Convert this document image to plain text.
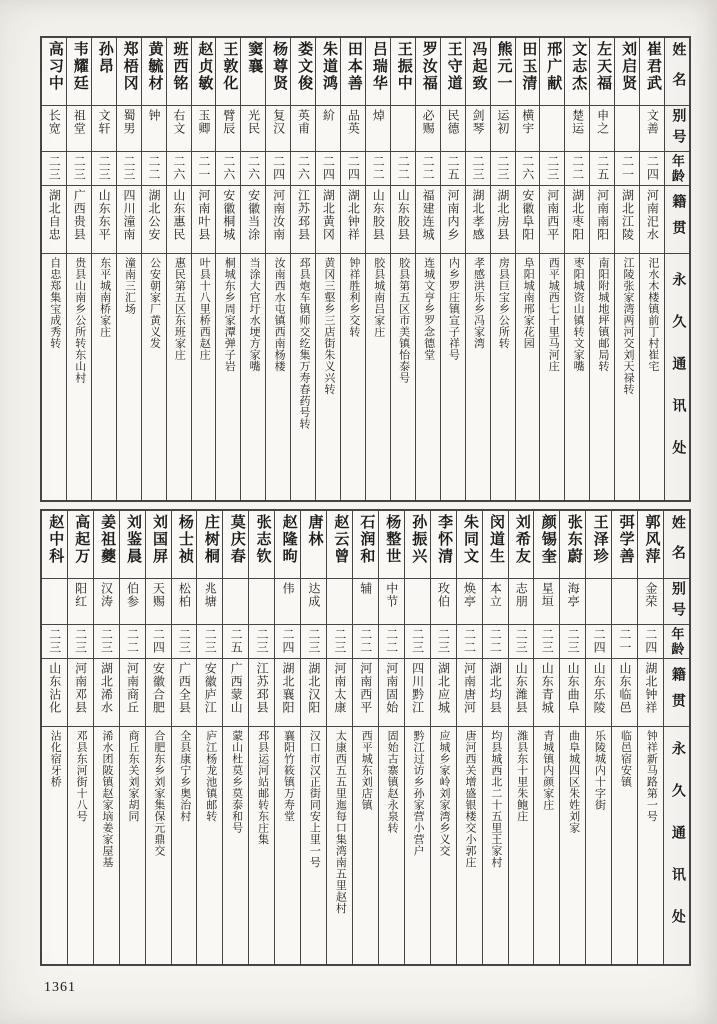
姓名
别号
年龄
籍贯
永久通讯处
崔君武
文善
二四
河南汜水
汜水木楼镇前丁村崔宅
刘启贤
二一
湖北江陵
江陵张家湾两河交刘天禄转
左天福
申之
二五
河南南阳
南阳附城地坪镇邮局转
文志杰
楚运
二二
湖北枣阳
枣阳城资山镇转文家嘴
邢广献
二三
河南西平
西平城西七十里马河庄
田玉清
横宇
二六
安徽阜阳
阜阳城南邢家花园
熊元一
运初
二三
湖北房县
房县巨宝乡公所转
冯起致
剑琴
二三
湖北孝感
孝感洪乐乡冯家湾
王守道
民德
二五
河南内乡
内乡罗庄镇宣子祥号
罗汝福
必赐
二二
福建连城
连城文亨乡罗念德堂
王振中
二二
山东胶县
胶县第五区市美镇怡泰号
吕瑞华
焯
二二
山东胶县
胶县城南吕家庄
田本善
品英
二四
湖北钟祥
钟祥胜利乡交转
朱道鸿
紒
二四
湖北黄冈
黄冈三壑乡三店街朱义兴转
娄文俊
英甫
二六
江苏邳县
邳县炮车镇师交纥集万寿春药号转
杨尊贤
复汉
二四
河南汝南
汝南西水屯镇西南杨楼
窦襄
光民
二六
安徽当涂
当涂大官圩水埂方家嘴
王敦化
臂辰
二六
安徽桐城
桐城东乡周家潭弹子岩
赵贞敏
玉卿
二一
河南叶县
叶县十八里桥西赵庄
班西铭
右文
二六
山东惠民
惠民第五区东班家庄
黄毓材
钟
二二
湖北公安
公安朝家厂黄义发
郑梧冈
蜀男
二三
四川潼南
潼南三汇场
孙昂
文轩
二三
山东东平
东平城南桥家庄
韦耀廷
祖堂
二三
广西贵县
贵县山南乡公所转东山村
高习中
长宽
二三
湖北自忠
自忠郑集宝成秀转
姓名
别号
年龄
籍贯
永久通讯处
郭风萍
金荣
二四
湖北钟祥
钟祥新马路第一号
弭学善
二一
山东临邑
临邑宿安镇
王泽珍
二四
山东乐陵
乐陵城内十字街
张东蔚
海亭
二三
山东曲阜
曲阜城四区朱姓刘家
颜锡奎
星垣
二三
山东青城
青城镇内颜家庄
刘希友
志朋
二三
山东潍县
潍县东十里朱鲍庄
闵道生
本立
二二
湖北均县
均县城西北二十五里王家村
朱同文
焕亭
二二
河南唐河
唐河西关增盛银楼交小郭庄
李怀清
玫伯
二三
湖北应城
应城乡家岭刘家湾乡义交
孙振兴
二三
四川黔江
黔江过访乡孙家营小营户
杨整世
中节
二二
河南固始
固始古寨镇赵永泉转
石润和
辅
二二
河南西平
西平城东刘店镇
赵云曾
二三
河南太康
太康西五五里迤每口集湾南五里赵村
唐林
达成
二三
湖北汉阳
汉口市汉正街同安上里一号
赵隆昫
伟
二四
湖北襄阳
襄阳竹筱镇万寿堂
张志钦
二三
江苏邳县
邳县运河站邮转东庄集
莫庆春
二五
广西蒙山
蒙山杜莫乡莫泰和号
庄树桐
兆塘
二三
安徽庐江
庐江杨龙池镇邮转
杨士祯
松柏
二三
广西全县
全县康宁乡奥治村
刘国屏
天赐
二四
安徽合肥
合肥东乡刘家集保元鼎交
刘鉴晨
伯参
二二
河南商丘
商丘东关刘家胡同
姜祖夔
汉涛
二三
湖北浠水
浠水团陂镇赵家垴姜家屋基
高起万
阳红
二三
河南邓县
邓县东河街十八号
赵中科
二三
山东沾化
沾化宿牙桥
1361
